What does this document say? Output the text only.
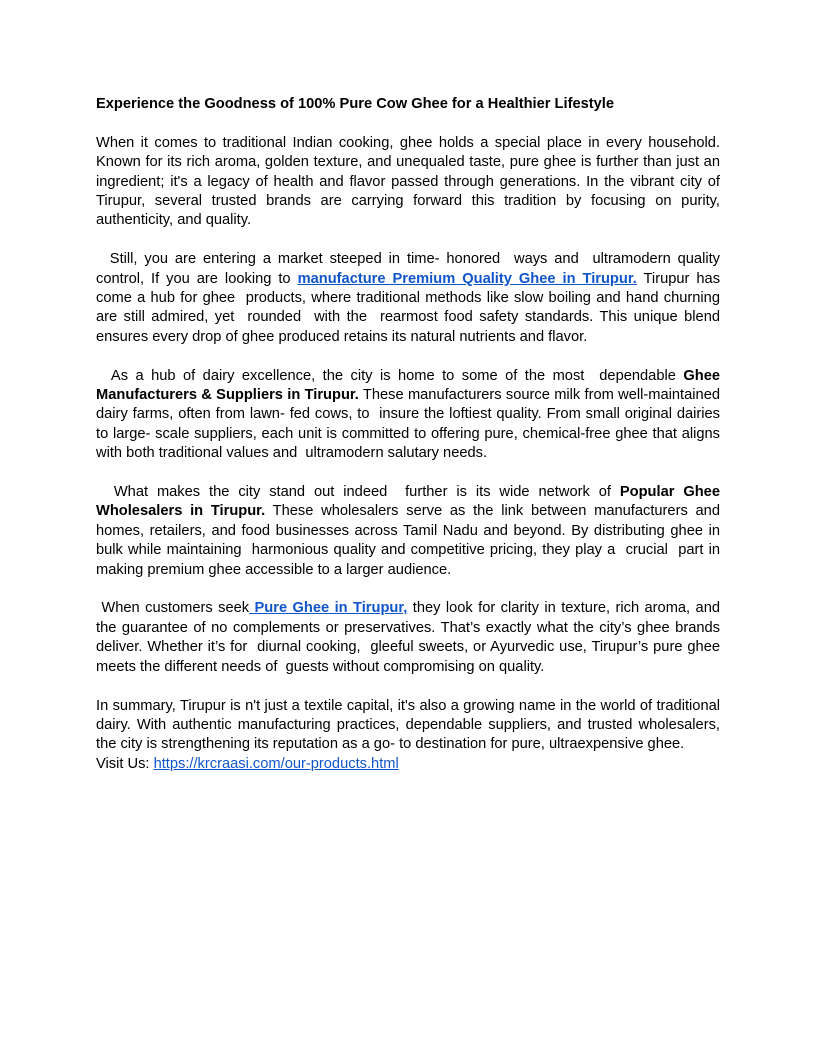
Experience the Goodness of 100% Pure Cow Ghee for a Healthier Lifestyle

When it comes to traditional Indian cooking, ghee holds a special place in every household. Known for its rich aroma, golden texture, and unequaled taste, pure ghee is further than just an ingredient; it's a legacy of health and flavor passed through generations. In the vibrant city of Tirupur, several trusted brands are carrying forward this tradition by focusing on purity, authenticity, and quality.

Still, you are entering a market steeped in time- honored  ways and  ultramodern quality control, If you are looking to manufacture Premium Quality Ghee in Tirupur. Tirupur has come a hub for ghee  products, where traditional methods like slow boiling and hand churning are still admired, yet  rounded  with the  rearmost food safety standards. This unique blend ensures every drop of ghee produced retains its natural nutrients and flavor.

As a hub of dairy excellence, the city is home to some of the most  dependable Ghee Manufacturers & Suppliers in Tirupur. These manufacturers source milk from well-maintained dairy farms, often from lawn- fed cows, to  insure the loftiest quality. From small original dairies to large- scale suppliers, each unit is committed to offering pure, chemical-free ghee that aligns with both traditional values and  ultramodern salutary needs.

What makes the city stand out indeed  further is its wide network of Popular Ghee Wholesalers in Tirupur. These wholesalers serve as the link between manufacturers and homes, retailers, and food businesses across Tamil Nadu and beyond. By distributing ghee in bulk while maintaining  harmonious quality and competitive pricing, they play a  crucial  part in making premium ghee accessible to a larger audience.

When customers seek Pure Ghee in Tirupur, they look for clarity in texture, rich aroma, and the guarantee of no complements or preservatives. That’s exactly what the city’s ghee brands deliver. Whether it’s for  diurnal cooking,  gleeful sweets, or Ayurvedic use, Tirupur’s pure ghee meets the different needs of  guests without compromising on quality.

In summary, Tirupur is n't just a textile capital, it's also a growing name in the world of traditional dairy. With authentic manufacturing practices, dependable suppliers, and trusted wholesalers, the city is strengthening its reputation as a go- to destination for pure, ultraexpensive ghee.

Visit Us: https://krcraasi.com/our-products.html
